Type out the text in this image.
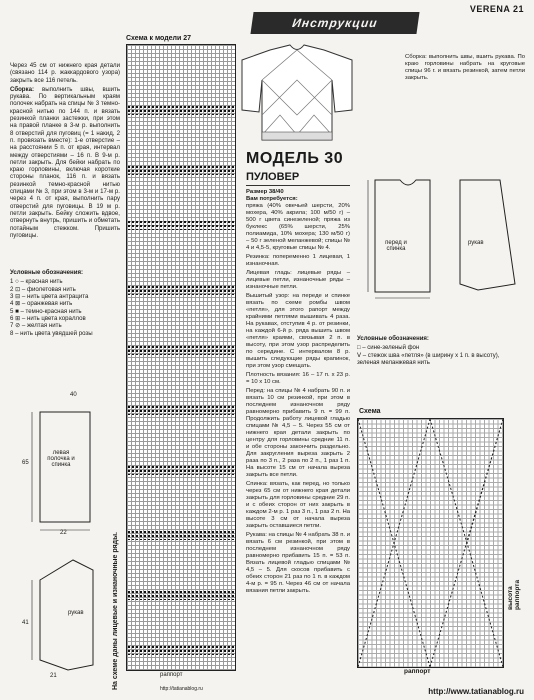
VERENA 21
Инструкции

Через 45 см от нижнего края детали (связано 114 р. жаккардового узора) закрыть все 116 петель.

Сборка: выполнить швы, вшить рукава. По вертикальным краям полочек набрать на спицы № 3 темно-красной нитью по 144 п. и вязать резинкой планки застежки, при этом на правой планке в 3-м р. выполнить 8 отверстий для пуговиц (= 1 накид, 2 п. провязать вместе): 1-е отверстие – на расстоянии 5 п. от края, интервал между отверстиями – 16 п. В 9-м р. петли закрыть. Для бейки набрать по краю горловины, включая короткие стороны планок, 116 п. и вязать резинкой темно-красной нитью спицами № 3, при этом в 3-м и 17-м р. через 4 п. от края, выполнить пару отверстий для пуговицы. В 19 м р. петли закрыть. Бейку сложить вдвое, отвернуть внутрь, пришить и обметать потайным стежком. Пришить пуговицы.

Условные обозначения:

1 ○ – красная нить
2 ⊡ – фиолетовая нить
3 ⊟ – нить цвета антрацита
4 ⊠ – оранжевая нить
5 ■ – темно-красная нить
6 ⊞ – нить цвета кораллов
7 ⊘ – желтая нить
8 – нить цвета увядшей розы
левая полочка и спинка
рукав
65
40
22
41
21
Схема к модели 27
На схеме даны лицевые и изнаночные ряды.	раппорт
http://tatianablog.ru
МОДЕЛЬ 30
ПУЛОВЕР

Размер 38/40

Вам потребуется:

пряжа (40% овечьей шерсти, 20% мохера, 40% акрила; 100 м/50 г) – 500 г цвета синезеленой; пряжа из буклекс (65% шерсти, 25% полиамида, 10% мохера; 130 м/50 г) – 50 г зеленой меланжевой; спицы № 4 и 4,5-5, круговые спицы № 4.

Резинка: попеременно 1 лицевая, 1 изнаночная.

Лицевая гладь: лицевые ряды – лицевые петли, изнаночные ряды – изнаночные петли.

Вышитый узор: на переде и спинке вязать по схеме ромбы швом «петля», для этого рапорт между крайними петлями вышивать 4 раза. На рукавах, отступив 4 р. от резинки, на каждой 6-й р. ряда вышить швом «петля» краями, связывая 2 п. в высоту, при этом узор распределить по середине. С интервалом 8 р. вышить следующие ряды крапинок, при этом узор смещать.

Плотность вязания: 16 – 17 п. х 23 р. = 10 х 10 см.

Перед: на спицы № 4 набрать 90 п. и вязать 10 см резинкой, при этом в последнем изнаночном ряду равномерно прибавить 9 п. = 99 п. Продолжить работу лицевой гладью спицами № 4,5 – 5. Через 55 см от нижнего края детали закрыть по центру для горловины средние 11 п. и обе стороны закончить раздельно. Для закругления выреза закрыть 2 раза по 3 п., 2 раза по 2 п., 1 раз 1 п. На высоте 15 см от начала выреза закрыть все петли.

Спинка: вязать, как перед, но только через 65 см от нижнего края детали закрыть для горловины средние 29 п. и с обеих сторон от них закрыть в каждом 2-м р. 1 раз 3 п., 1 раз 2 п. На высоте 3 см от начала выреза закрыть оставшиеся петли.

Рукава: на спицы № 4 набрать 38 п. и вязать 6 см резинкой, при этом в последнем изнаночном ряду равномерно прибавить 15 п. = 53 п. Вязать лицевой гладью спицами № 4,5 – 5. Для скосов прибавить с обеих сторон 21 раз по 1 п. в каждом 4-м р. = 95 п. Через 46 см от начала вязания петли закрыть.

Сборка: выполнить швы, вшить рукава. По краю горловины набрать на круговые спицы 96 г. и вязать резинкой, затем петли закрыть.

перед и спинка
рукав

Условные обозначения:

□ – сине-зеленый фон
Ⅴ – стежок шва «петля» (в ширину х 1 п. в высоту), зеленая меланжевая нить
Схема
раппорт
высота раппорта
http://www.tatianablog.ru
